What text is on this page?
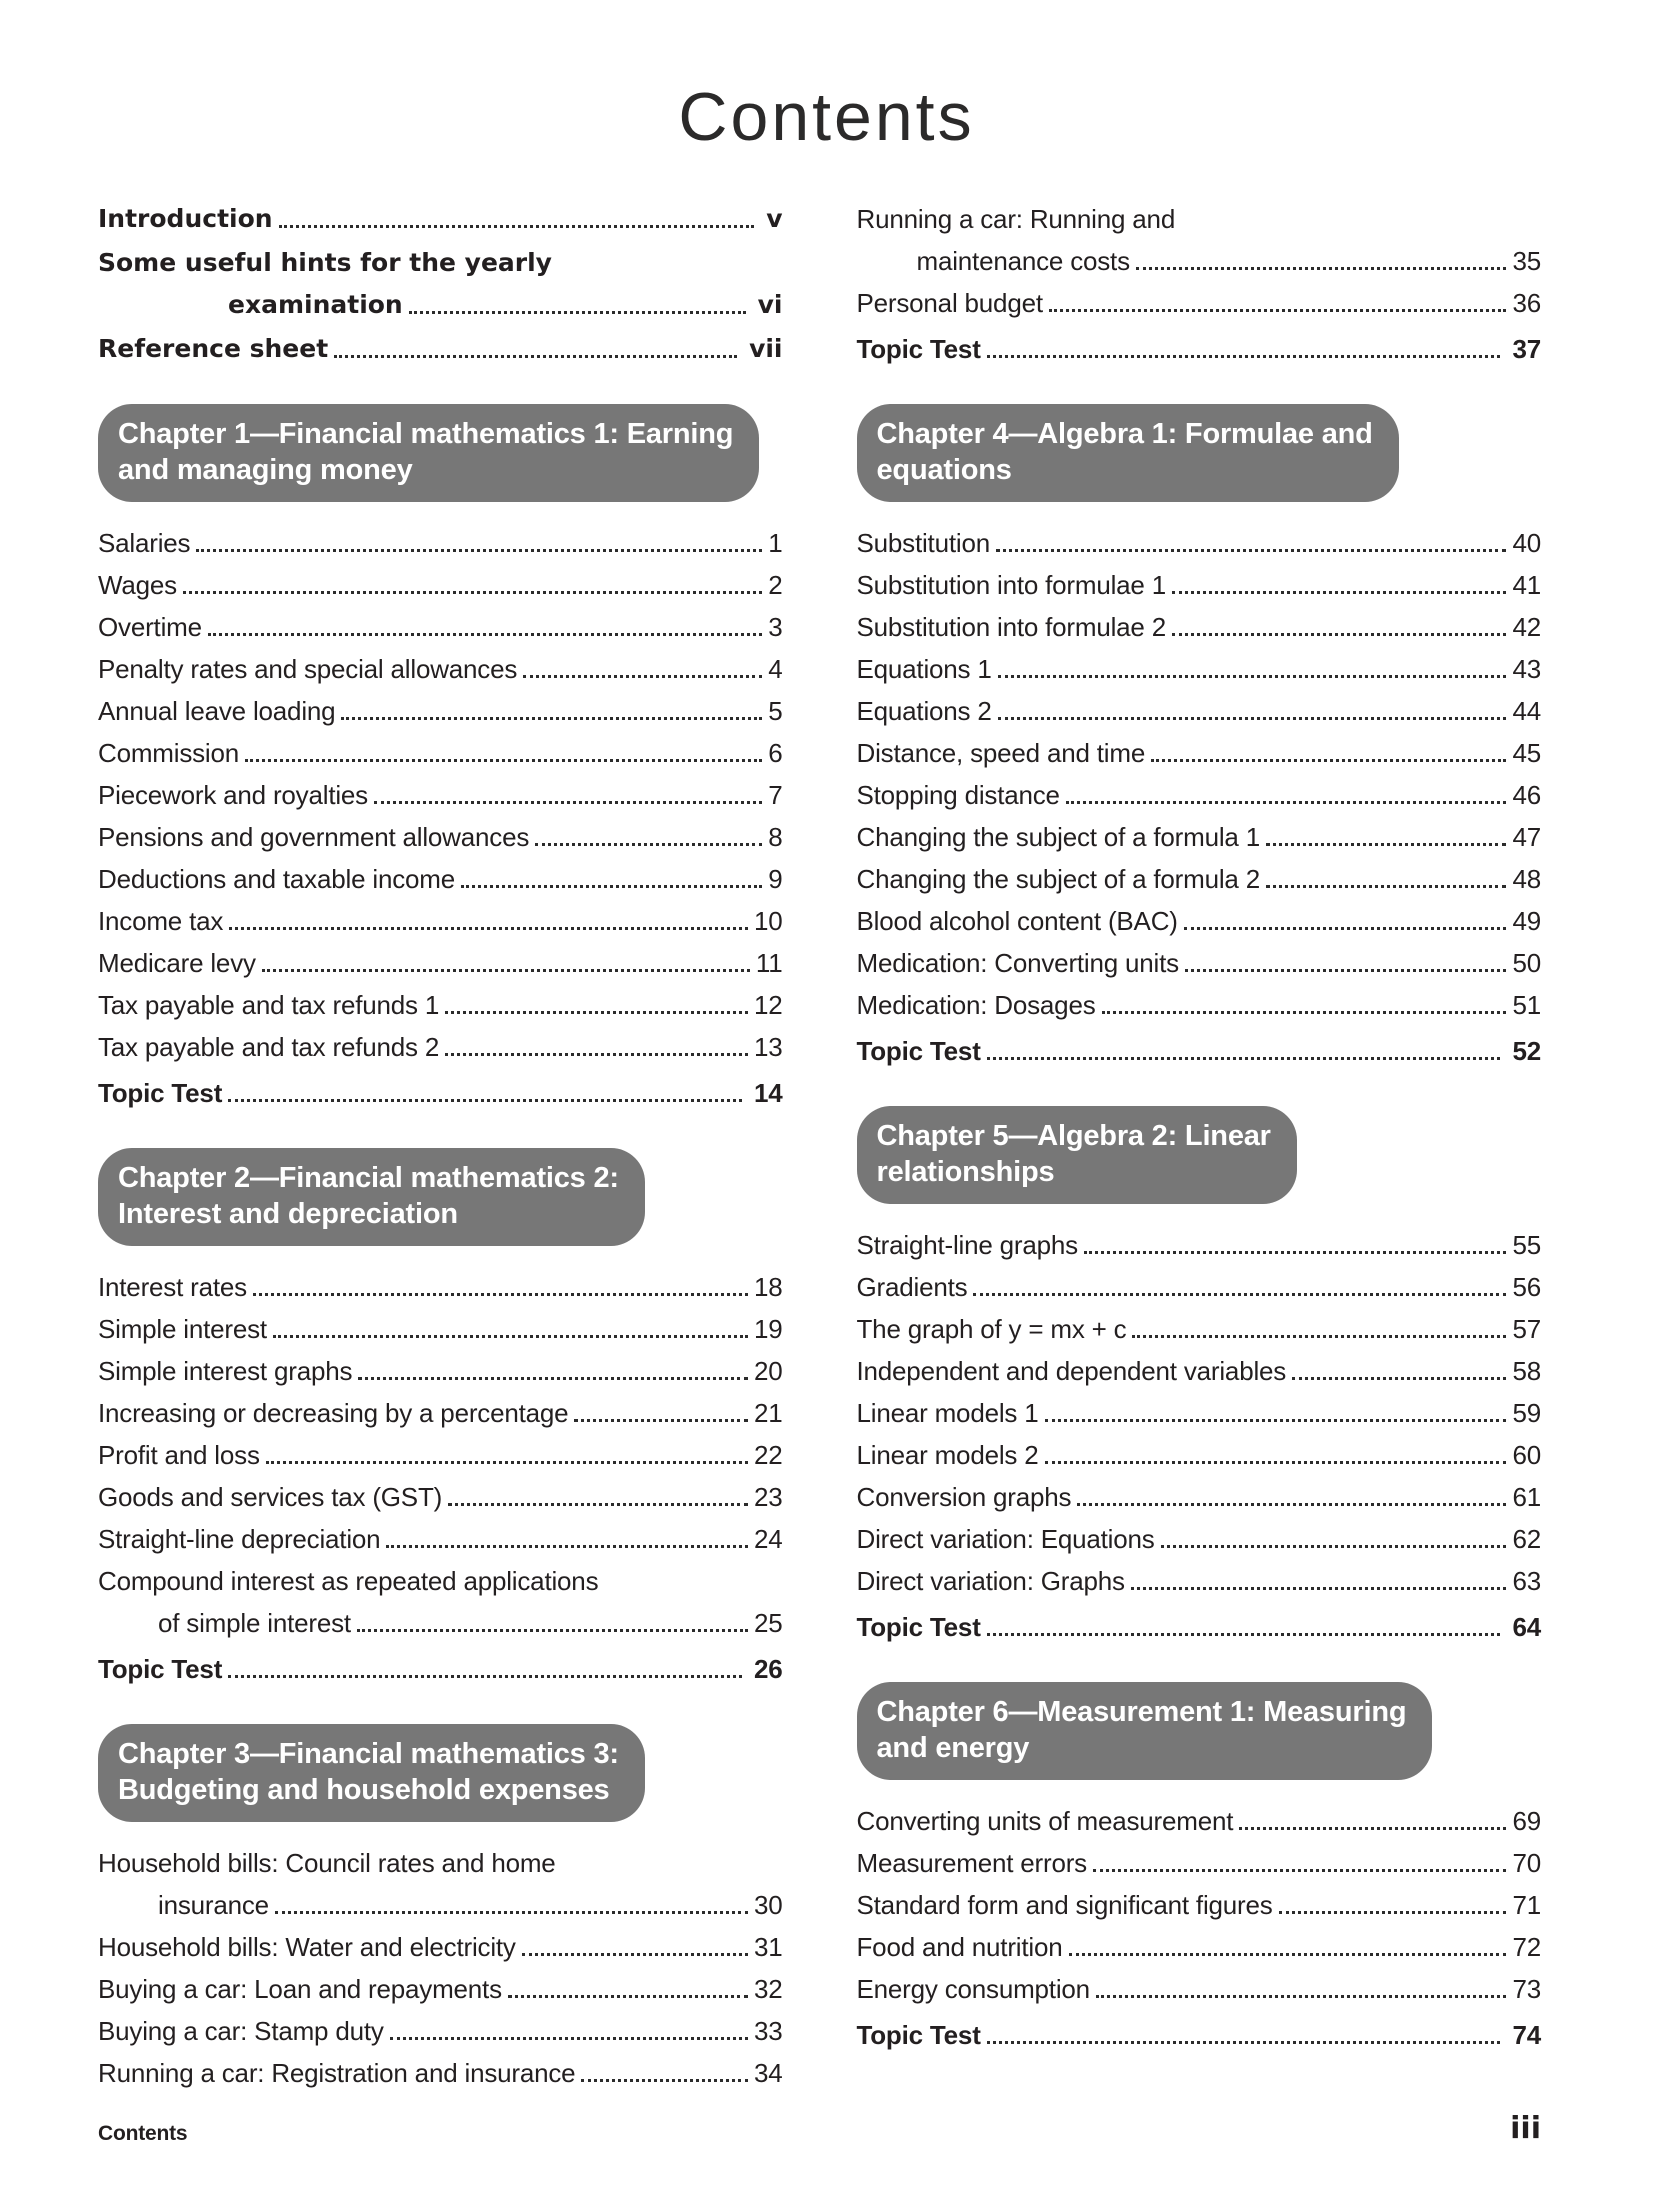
Contents
Introduction	v
Some useful hints for the yearly
examination	vi
Reference sheet	vii
Chapter 1—Financial mathematics 1: Earning
and managing money
Salaries	1
Wages	2
Overtime	3
Penalty rates and special allowances	4
Annual leave loading	5
Commission	6
Piecework and royalties	7
Pensions and government allowances	8
Deductions and taxable income	9
Income tax	10
Medicare levy	11
Tax payable and tax refunds 1	12
Tax payable and tax refunds 2	13
Topic Test	14
Chapter 2—Financial mathematics 2:
Interest and depreciation
Interest rates	18
Simple interest	19
Simple interest graphs	20
Increasing or decreasing by a percentage	21
Profit and loss	22
Goods and services tax (GST)	23
Straight-line depreciation	24
Compound interest as repeated applications
of simple interest	25
Topic Test	26
Chapter 3—Financial mathematics 3:
Budgeting and household expenses
Household bills: Council rates and home
insurance	30
Household bills: Water and electricity	31
Buying a car: Loan and repayments	32
Buying a car: Stamp duty	33
Running a car: Registration and insurance	34
Running a car: Running and
maintenance costs	35
Personal budget	36
Topic Test	37
Chapter 4—Algebra 1: Formulae and
equations
Substitution	40
Substitution into formulae 1	41
Substitution into formulae 2	42
Equations 1	43
Equations 2	44
Distance, speed and time	45
Stopping distance	46
Changing the subject of a formula 1	47
Changing the subject of a formula 2	48
Blood alcohol content (BAC)	49
Medication: Converting units	50
Medication: Dosages	51
Topic Test	52
Chapter 5—Algebra 2: Linear
relationships
Straight-line graphs	55
Gradients	56
The graph of y = mx + c	57
Independent and dependent variables	58
Linear models 1	59
Linear models 2	60
Conversion graphs	61
Direct variation: Equations	62
Direct variation: Graphs	63
Topic Test	64
Chapter 6—Measurement 1: Measuring
and energy
Converting units of measurement	69
Measurement errors	70
Standard form and significant figures	71
Food and nutrition	72
Energy consumption	73
Topic Test	74
Contents	iii
